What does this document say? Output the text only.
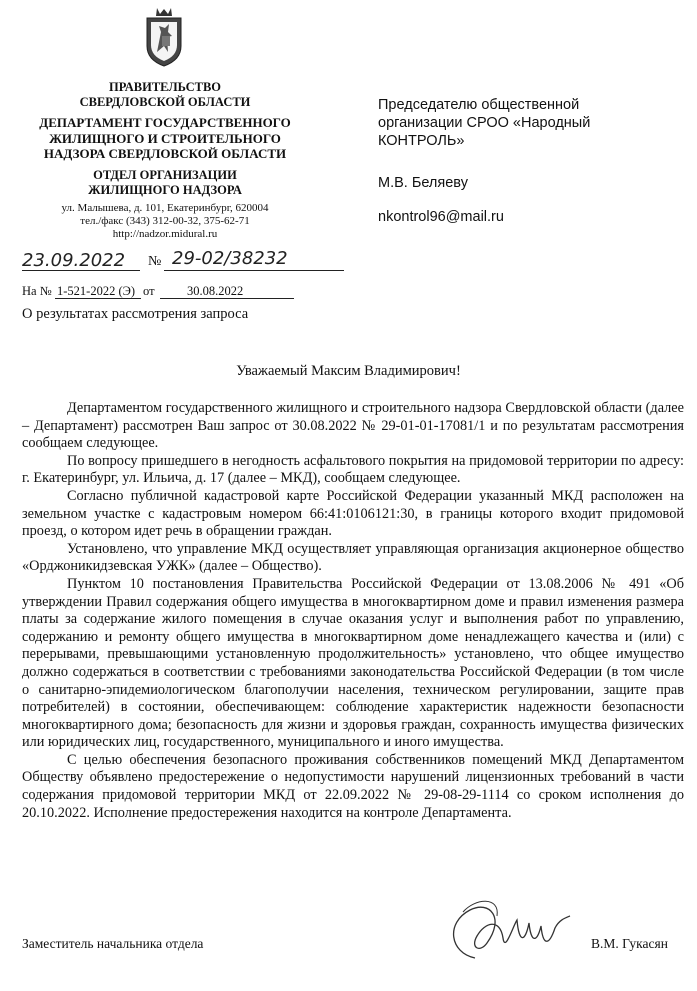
ПРАВИТЕЛЬСТВО
СВЕРДЛОВСКОЙ ОБЛАСТИ
ДЕПАРТАМЕНТ ГОСУДАРСТВЕННОГО
ЖИЛИЩНОГО И СТРОИТЕЛЬНОГО
НАДЗОРА СВЕРДЛОВСКОЙ ОБЛАСТИ
ОТДЕЛ ОРГАНИЗАЦИИ
ЖИЛИЩНОГО НАДЗОРА
ул. Малышева, д. 101, Екатеринбург, 620004
тел./факс (343) 312-00-32, 375-62-71
http://nadzor.midural.ru
23.09.2022 № 29-02/38232
На № 1-521-2022 (Э) от	30.08.2022
Председателю общественной
организации СРОО «Народный
КОНТРОЛЬ»
М.В. Беляеву
nkontrol96@mail.ru
О результатах рассмотрения запроса
Уважаемый Максим Владимирович!

Департаментом государственного жилищного и строительного надзора Свердловской области (далее – Департамент) рассмотрен Ваш запрос от 30.08.2022 № 29-01-01-17081/1 и по результатам рассмотрения сообщаем следующее.

По вопросу пришедшего в негодность асфальтового покрытия на придомовой территории по адресу: г. Екатеринбург, ул. Ильича, д. 17 (далее – МКД), сообщаем следующее.

Согласно публичной кадастровой карте Российской Федерации указанный МКД расположен на земельном участке с кадастровым номером 66:41:0106121:30, в границы которого входит придомовой проезд, о котором идет речь в обращении граждан.

Установлено, что управление МКД осуществляет управляющая организация акционерное общество «Орджоникидзевская УЖК» (далее – Общество).

Пунктом 10 постановления Правительства Российской Федерации от 13.08.2006 № 491 «Об утверждении Правил содержания общего имущества в многоквартирном доме и правил изменения размера платы за содержание жилого помещения в случае оказания услуг и выполнения работ по управлению, содержанию и ремонту общего имущества в многоквартирном доме ненадлежащего качества и (или) с перерывами, превышающими установленную продолжительность» установлено, что общее имущество должно содержаться в соответствии с требованиями законодательства Российской Федерации (в том числе о санитарно-эпидемиологическом благополучии населения, техническом регулировании, защите прав потребителей) в состоянии, обеспечивающем: соблюдение характеристик надежности безопасности многоквартирного дома; безопасность для жизни и здоровья граждан, сохранность имущества физических или юридических лиц, государственного, муниципального и иного имущества.

С целью обеспечения безопасного проживания собственников помещений МКД Департаментом Обществу объявлено предостережение о недопустимости нарушений лицензионных требований в части содержания придомовой территории МКД от 22.09.2022 № 29-08-29-1114 со сроком исполнения до 20.10.2022. Исполнение предостережения находится на контроле Департамента.

Заместитель начальника отдела	В.М. Гукасян
